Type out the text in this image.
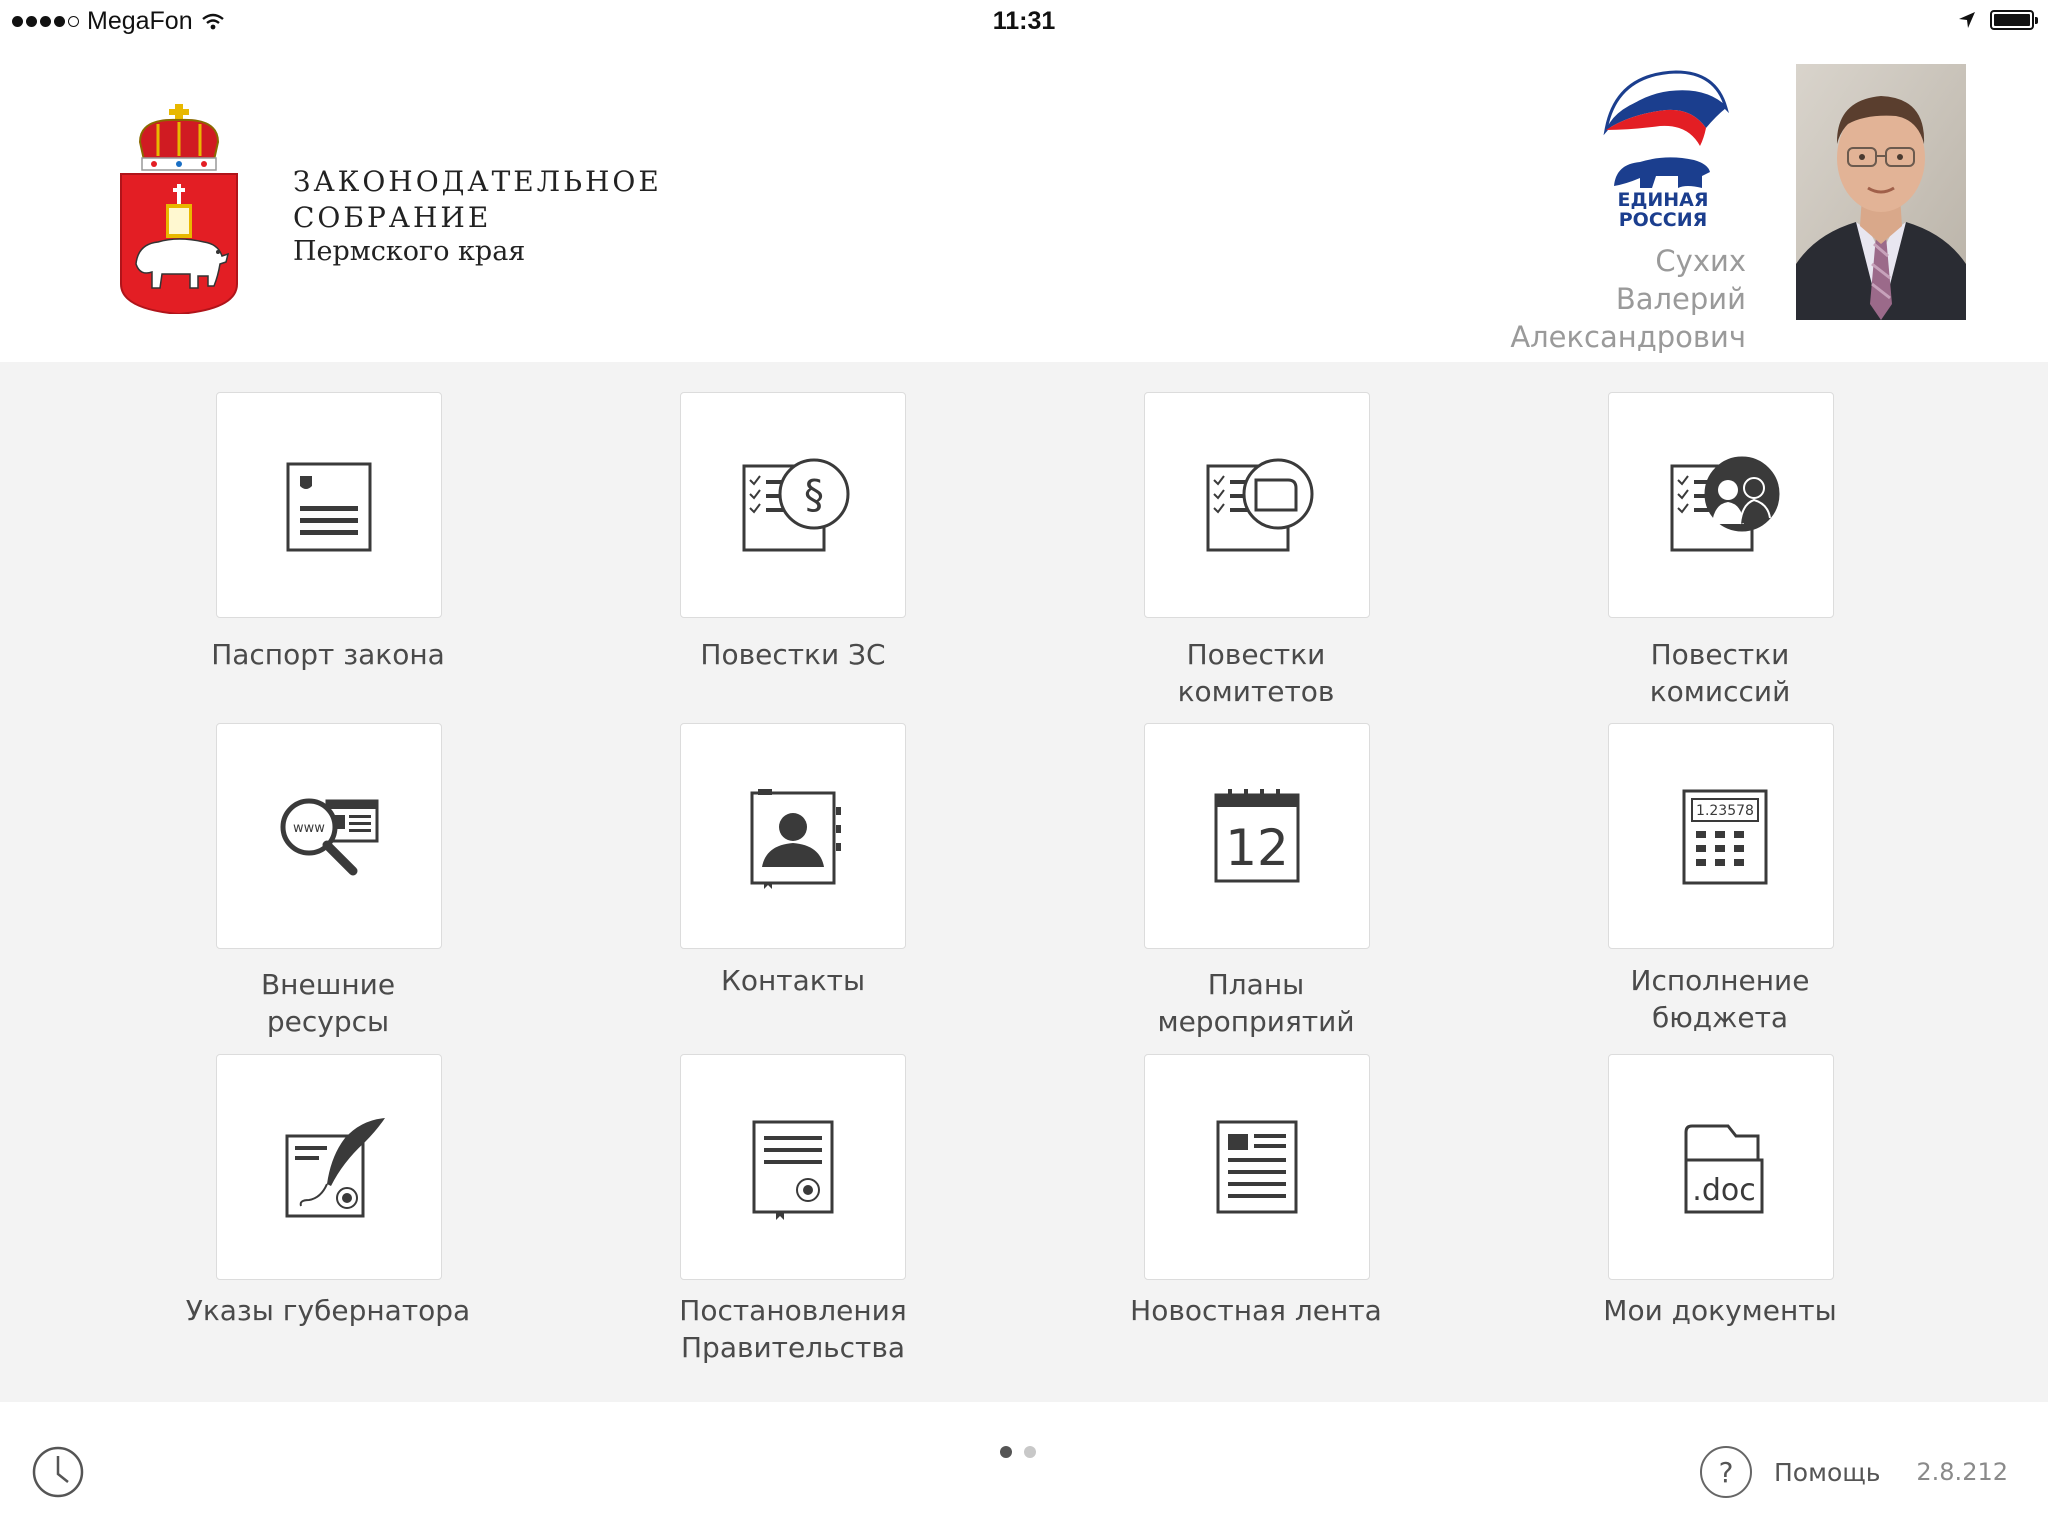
MegaFon	11:31
ЗАКОНОДАТЕЛЬНОЕ
СОБРАНИЕ
Пермского края
ЕДИНАЯ
РОССИЯ
Сухих
Валерий
Александрович
Паспорт закона
§
Повестки ЗС	Повестки
комитетов
Повестки
комиссий
www
Внешние
ресурсы
Контакты
12
Планы
мероприятий
1.23578
Исполнение
бюджета
Указы губернатора	Постановления
Правительства
Новостная лента
.doc
Мои документы
?	Помощь 2.8.212
